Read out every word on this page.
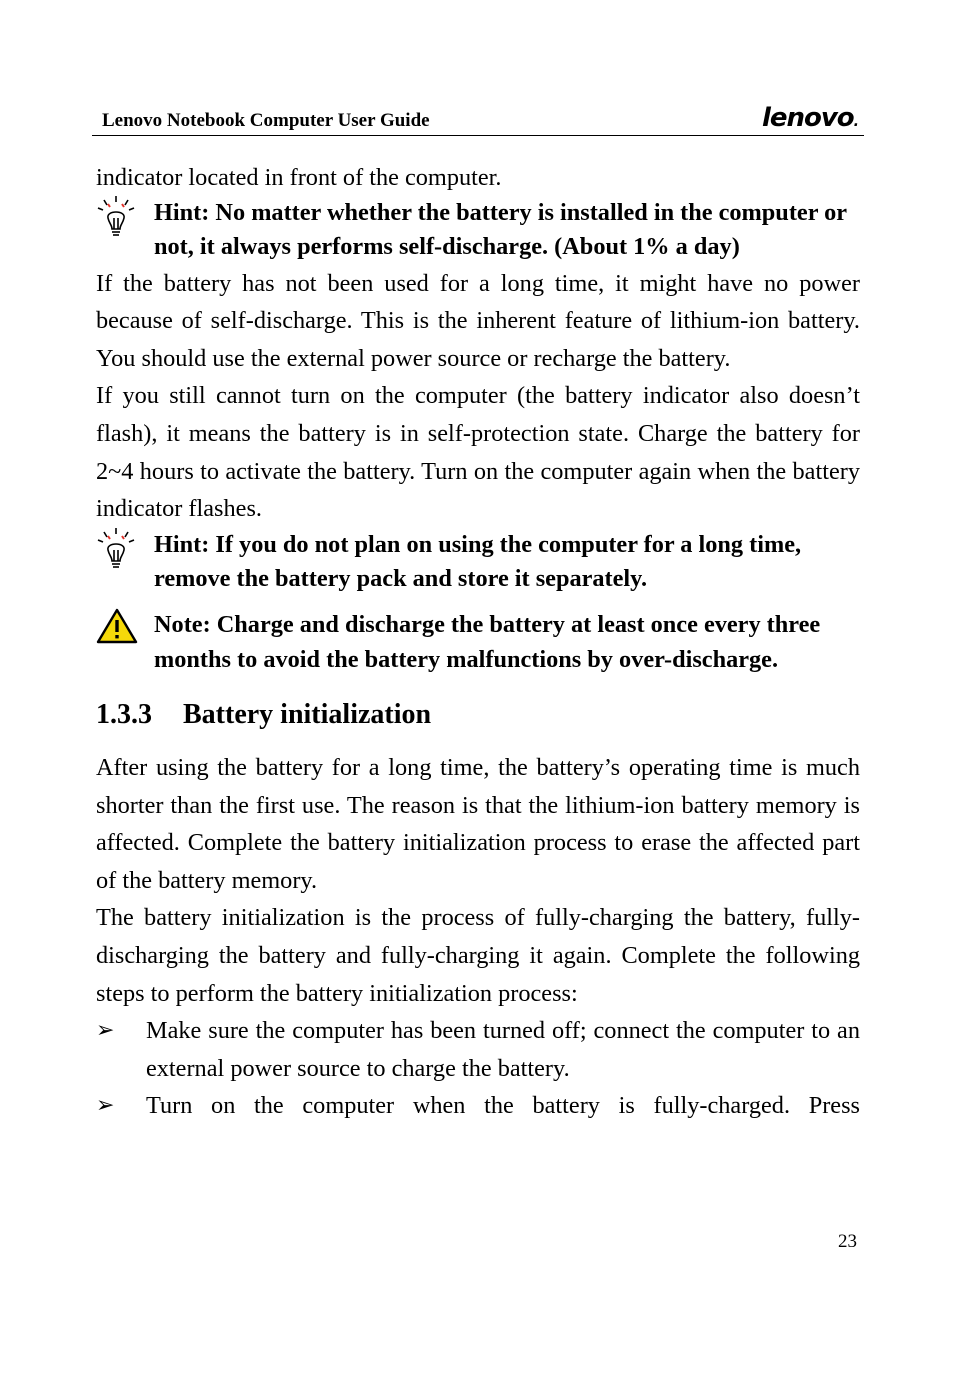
Lenovo Notebook Computer User Guide	lenovo.

indicator located in front of the computer.

Hint: No matter whether the battery is installed in the computer or not, it always performs self-discharge. (About 1% a day)

If the battery has not been used for a long time, it might have no power because of self-discharge. This is the inherent feature of lithium-ion battery. You should use the external power source or recharge the battery.

If you still cannot turn on the computer (the battery indicator also doesn’t flash), it means the battery is in self-protection state. Charge the battery for 2~4 hours to activate the battery. Turn on the computer again when the battery indicator flashes.

Hint: If you do not plan on using the computer for a long time, remove the battery pack and store it separately.
Note: Charge and discharge the battery at least once every three months to avoid the battery malfunctions by over-discharge.
1.3.3 Battery initialization

After using the battery for a long time, the battery’s operating time is much shorter than the first use. The reason is that the lithium-ion battery memory is affected. Complete the battery initialization process to erase the affected part of the battery memory.

The battery initialization is the process of fully-charging the battery, fully-discharging the battery and fully-charging it again. Complete the following steps to perform the battery initialization process:

➢ Make sure the computer has been turned off; connect the computer to an external power source to charge the battery.

➢ Turn on the computer when the battery is fully-charged. Press

23
